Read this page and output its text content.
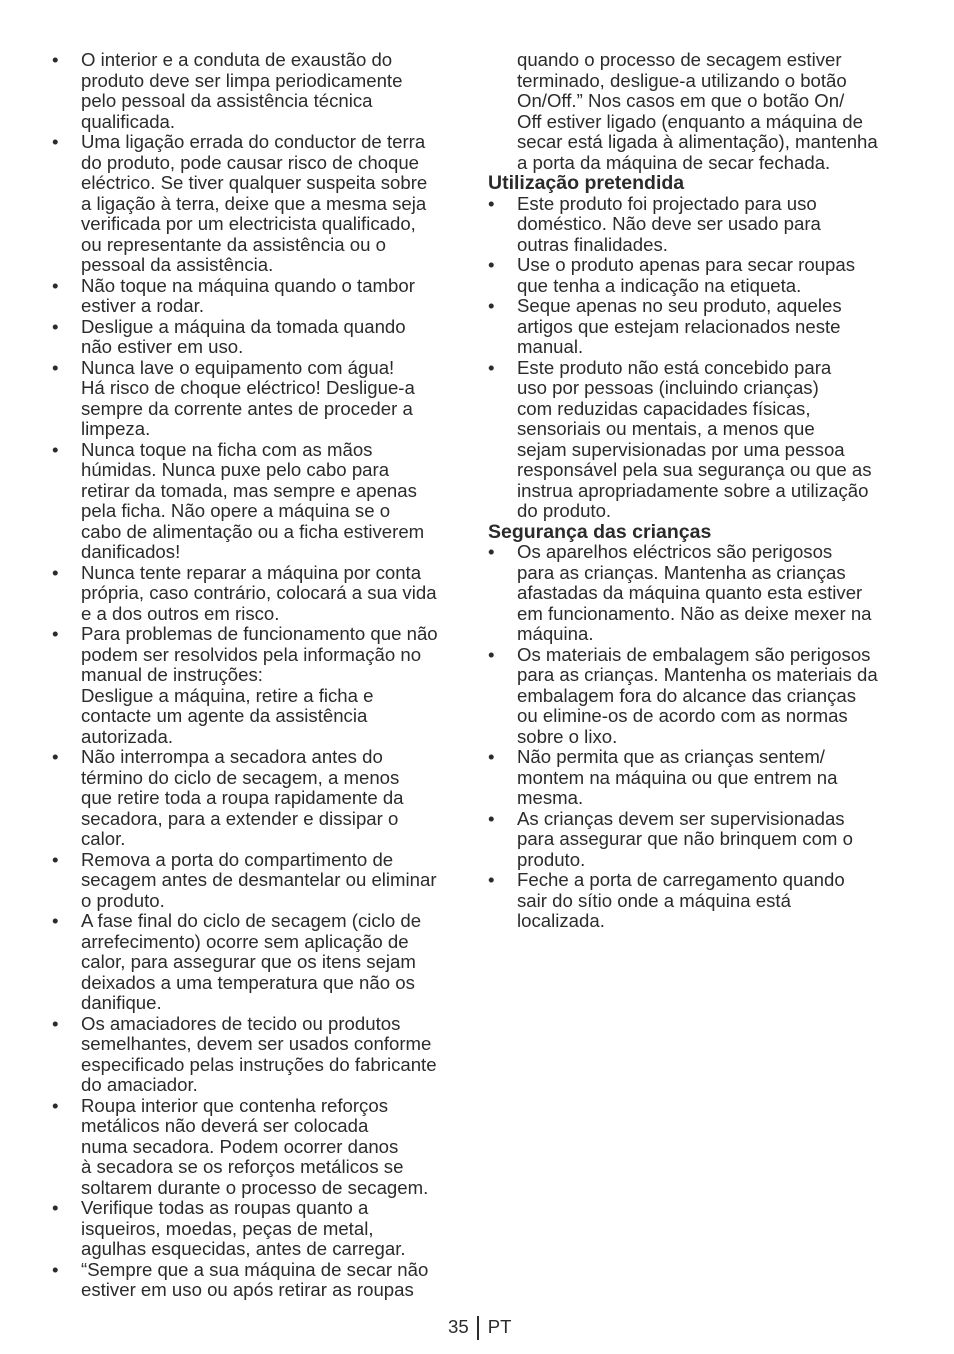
• O interior e a conduta de exaustão do
produto deve ser limpa periodicamente
pelo pessoal da assistência técnica
qualificada.
• Uma ligação errada do conductor de terra
do produto, pode causar risco de choque
eléctrico. Se tiver qualquer suspeita sobre
a ligação à terra, deixe que a mesma seja
verificada por um electricista qualificado,
ou representante da assistência ou o
pessoal da assistência.
• Não toque na máquina quando o tambor
estiver a rodar.
• Desligue a máquina da tomada quando
não estiver em uso.
• Nunca lave o equipamento com água!
Há risco de choque eléctrico! Desligue-a
sempre da corrente antes de proceder a
limpeza.
• Nunca toque na ficha com as mãos
húmidas. Nunca puxe pelo cabo para
retirar da tomada, mas sempre e apenas
pela ficha. Não opere a máquina se o
cabo de alimentação ou a ficha estiverem
danificados!
• Nunca tente reparar a máquina por conta
própria, caso contrário, colocará a sua vida
e a dos outros em risco.
• Para problemas de funcionamento que não
podem ser resolvidos pela informação no
manual de instruções:
Desligue a máquina, retire a ficha e
contacte um agente da assistência
autorizada.
• Não interrompa a secadora antes do
término do ciclo de secagem, a menos
que retire toda a roupa rapidamente da
secadora, para a extender e dissipar o
calor.
• Remova a porta do compartimento de
secagem antes de desmantelar ou eliminar
o produto.
• A fase final do ciclo de secagem (ciclo de
arrefecimento) ocorre sem aplicação de
calor, para assegurar que os itens sejam
deixados a uma temperatura que não os
danifique.
• Os amaciadores de tecido ou produtos
semelhantes, devem ser usados conforme
especificado pelas instruções do fabricante
do amaciador.
• Roupa interior que contenha reforços
metálicos não deverá ser colocada
numa secadora. Podem ocorrer danos
à secadora se os reforços metálicos se
soltarem durante o processo de secagem.
• Verifique todas as roupas quanto a
isqueiros, moedas, peças de metal,
agulhas esquecidas, antes de carregar.
• “Sempre que a sua máquina de secar não
estiver em uso ou após retirar as roupas
quando o processo de secagem estiver
terminado, desligue-a utilizando o botão
On/Off.” Nos casos em que o botão On/
Off estiver ligado (enquanto a máquina de
secar está ligada à alimentação), mantenha
a porta da máquina de secar fechada.
Utilização pretendida
• Este produto foi projectado para uso
doméstico. Não deve ser usado para
outras finalidades.
• Use o produto apenas para secar roupas
que tenha a indicação na etiqueta.
• Seque apenas no seu produto, aqueles
artigos que estejam relacionados neste
manual.
• Este produto não está concebido para
uso por pessoas (incluindo crianças)
com reduzidas capacidades físicas,
sensoriais ou mentais, a menos que
sejam supervisionadas por uma pessoa
responsável pela sua segurança ou que as
instrua apropriadamente sobre a utilização
do produto.
Segurança das crianças
• Os aparelhos eléctricos são perigosos
para as crianças. Mantenha as crianças
afastadas da máquina quanto esta estiver
em funcionamento. Não as deixe mexer na
máquina.
• Os materiais de embalagem são perigosos
para as crianças. Mantenha os materiais da
embalagem fora do alcance das crianças
ou elimine-os de acordo com as normas
sobre o lixo.
• Não permita que as crianças sentem/
montem na máquina ou que entrem na
mesma.
• As crianças devem ser supervisionadas
para assegurar que não brinquem com o
produto.
• Feche a porta de carregamento quando
sair do sítio onde a máquina está
localizada.
35 PT
